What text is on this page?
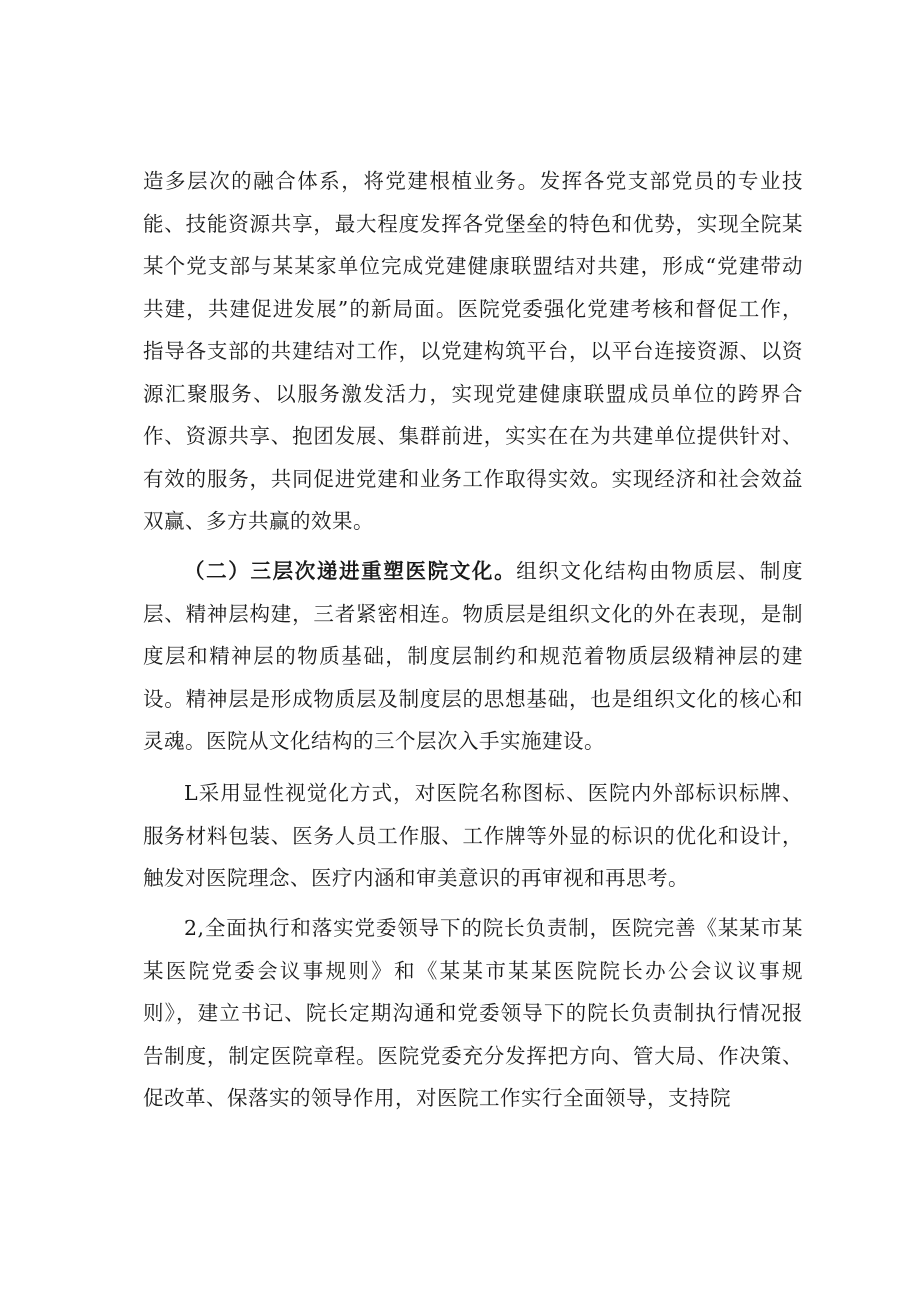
造多层次的融合体系，将党建根植业务。发挥各党支部党员的专业技能、技能资源共享，最大程度发挥各党堡垒的特色和优势，实现全院某某个党支部与某某家单位完成党建健康联盟结对共建，形成“党建带动共建，共建促进发展”的新局面。医院党委强化党建考核和督促工作，指导各支部的共建结对工作，以党建构筑平台，以平台连接资源、以资源汇聚服务、以服务激发活力，实现党建健康联盟成员单位的跨界合作、资源共享、抱团发展、集群前进，实实在在为共建单位提供针对、有效的服务，共同促进党建和业务工作取得实效。实现经济和社会效益双赢、多方共赢的效果。

（二）三层次递进重塑医院文化。组织文化结构由物质层、制度层、精神层构建，三者紧密相连。物质层是组织文化的外在表现，是制度层和精神层的物质基础，制度层制约和规范着物质层级精神层的建设。精神层是形成物质层及制度层的思想基础，也是组织文化的核心和灵魂。医院从文化结构的三个层次入手实施建设。

L采用显性视觉化方式，对医院名称图标、医院内外部标识标牌、服务材料包装、医务人员工作服、工作牌等外显的标识的优化和设计，触发对医院理念、医疗内涵和审美意识的再审视和再思考。

2,全面执行和落实党委领导下的院长负责制，医院完善《某某市某某医院党委会议事规则》和《某某市某某医院院长办公会议议事规则》，建立书记、院长定期沟通和党委领导下的院长负责制执行情况报告制度，制定医院章程。医院党委充分发挥把方向、管大局、作决策、促改革、保落实的领导作用，对医院工作实行全面领导，支持院
